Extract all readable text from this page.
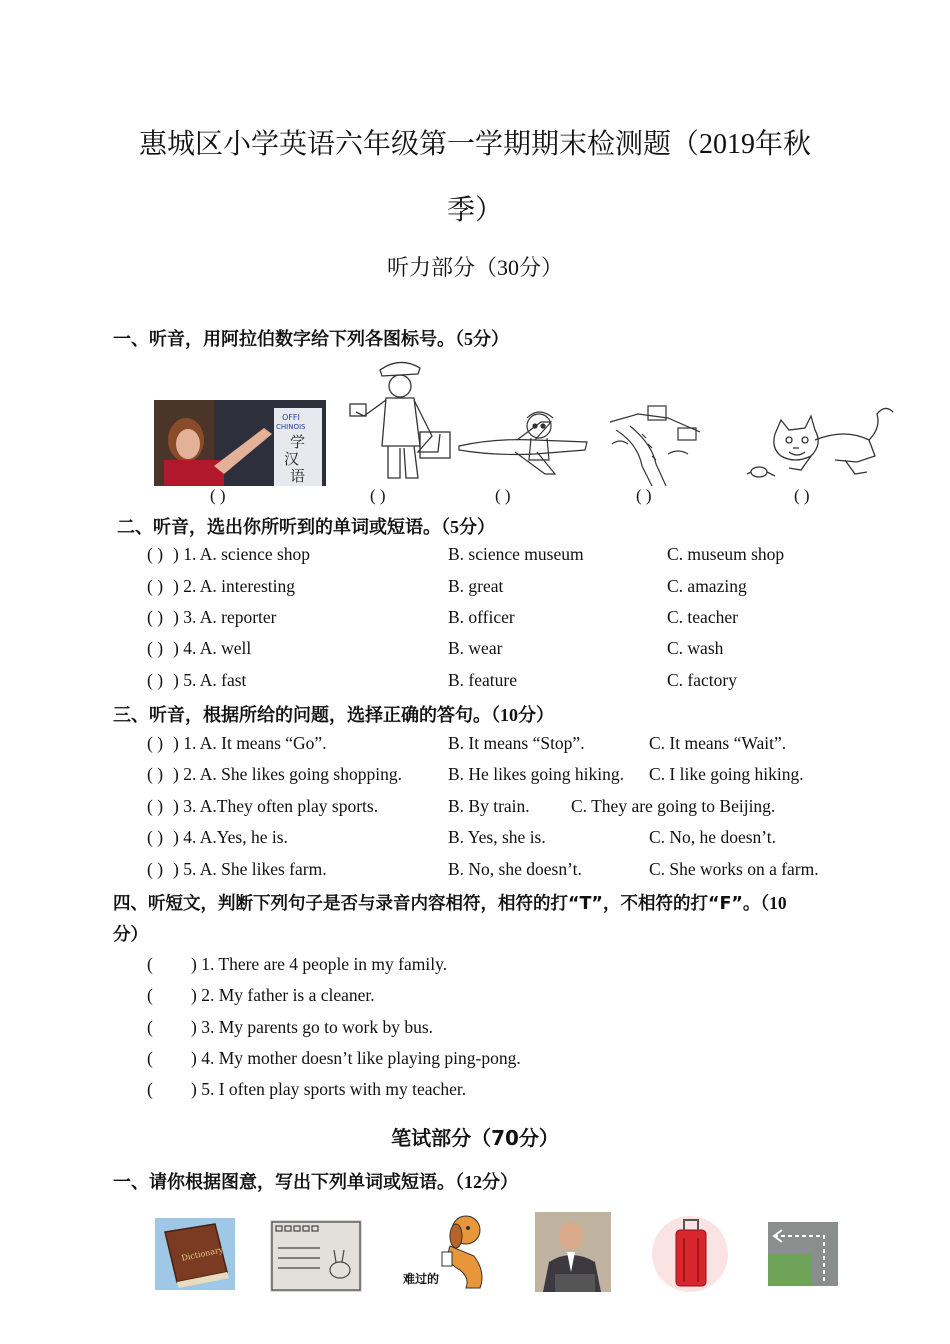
惠城区小学英语六年级第一学期期末检测题（2019年秋
季）
听力部分（30分）
一、听音，用阿拉伯数字给下列各图标号。（5分）
OFFI
CHINOIS
学
汉
语
( )	( )	( )	( )	( )
二、听音，选出你所听到的单词或短语。（5分）
( ) ) 1. A. science shop	B. science museum	C. museum shop
( ) ) 2. A. interesting	B. great	C. amazing
( ) ) 3. A. reporter	B. officer	C. teacher
( ) ) 4. A. well	B. wear	C. wash
( ) ) 5. A. fast	B. feature	C. factory
三、听音，根据所给的问题，选择正确的答句。（10分）
( ) ) 1. A. It means “Go”.	B. It means “Stop”.	C. It means “Wait”.
( ) ) 2. A. She likes going shopping.	B. He likes going hiking. C. I like going hiking.
( ) ) 3. A.They often play sports.	B. By train. C. They are going to Beijing.
( ) ) 4. A.Yes, he is.	B. Yes, she is.	C. No, he doesn’t.
( ) ) 5. A. She likes farm.	B. No, she doesn’t.	C. She works on a farm.
四、听短文，判断下列句子是否与录音内容相符，相符的打“T”，不相符的打“F”。（10
分）
( ) 1. There are 4 people in my family.
( ) 2. My father is a cleaner.
( ) 3. My parents go to work by bus.
( ) 4. My mother doesn’t like playing ping-pong.
( ) 5. I often play sports with my teacher.
笔试部分（70分）
一、请你根据图意，写出下列单词或短语。（12分）
Dictionary
难过的
